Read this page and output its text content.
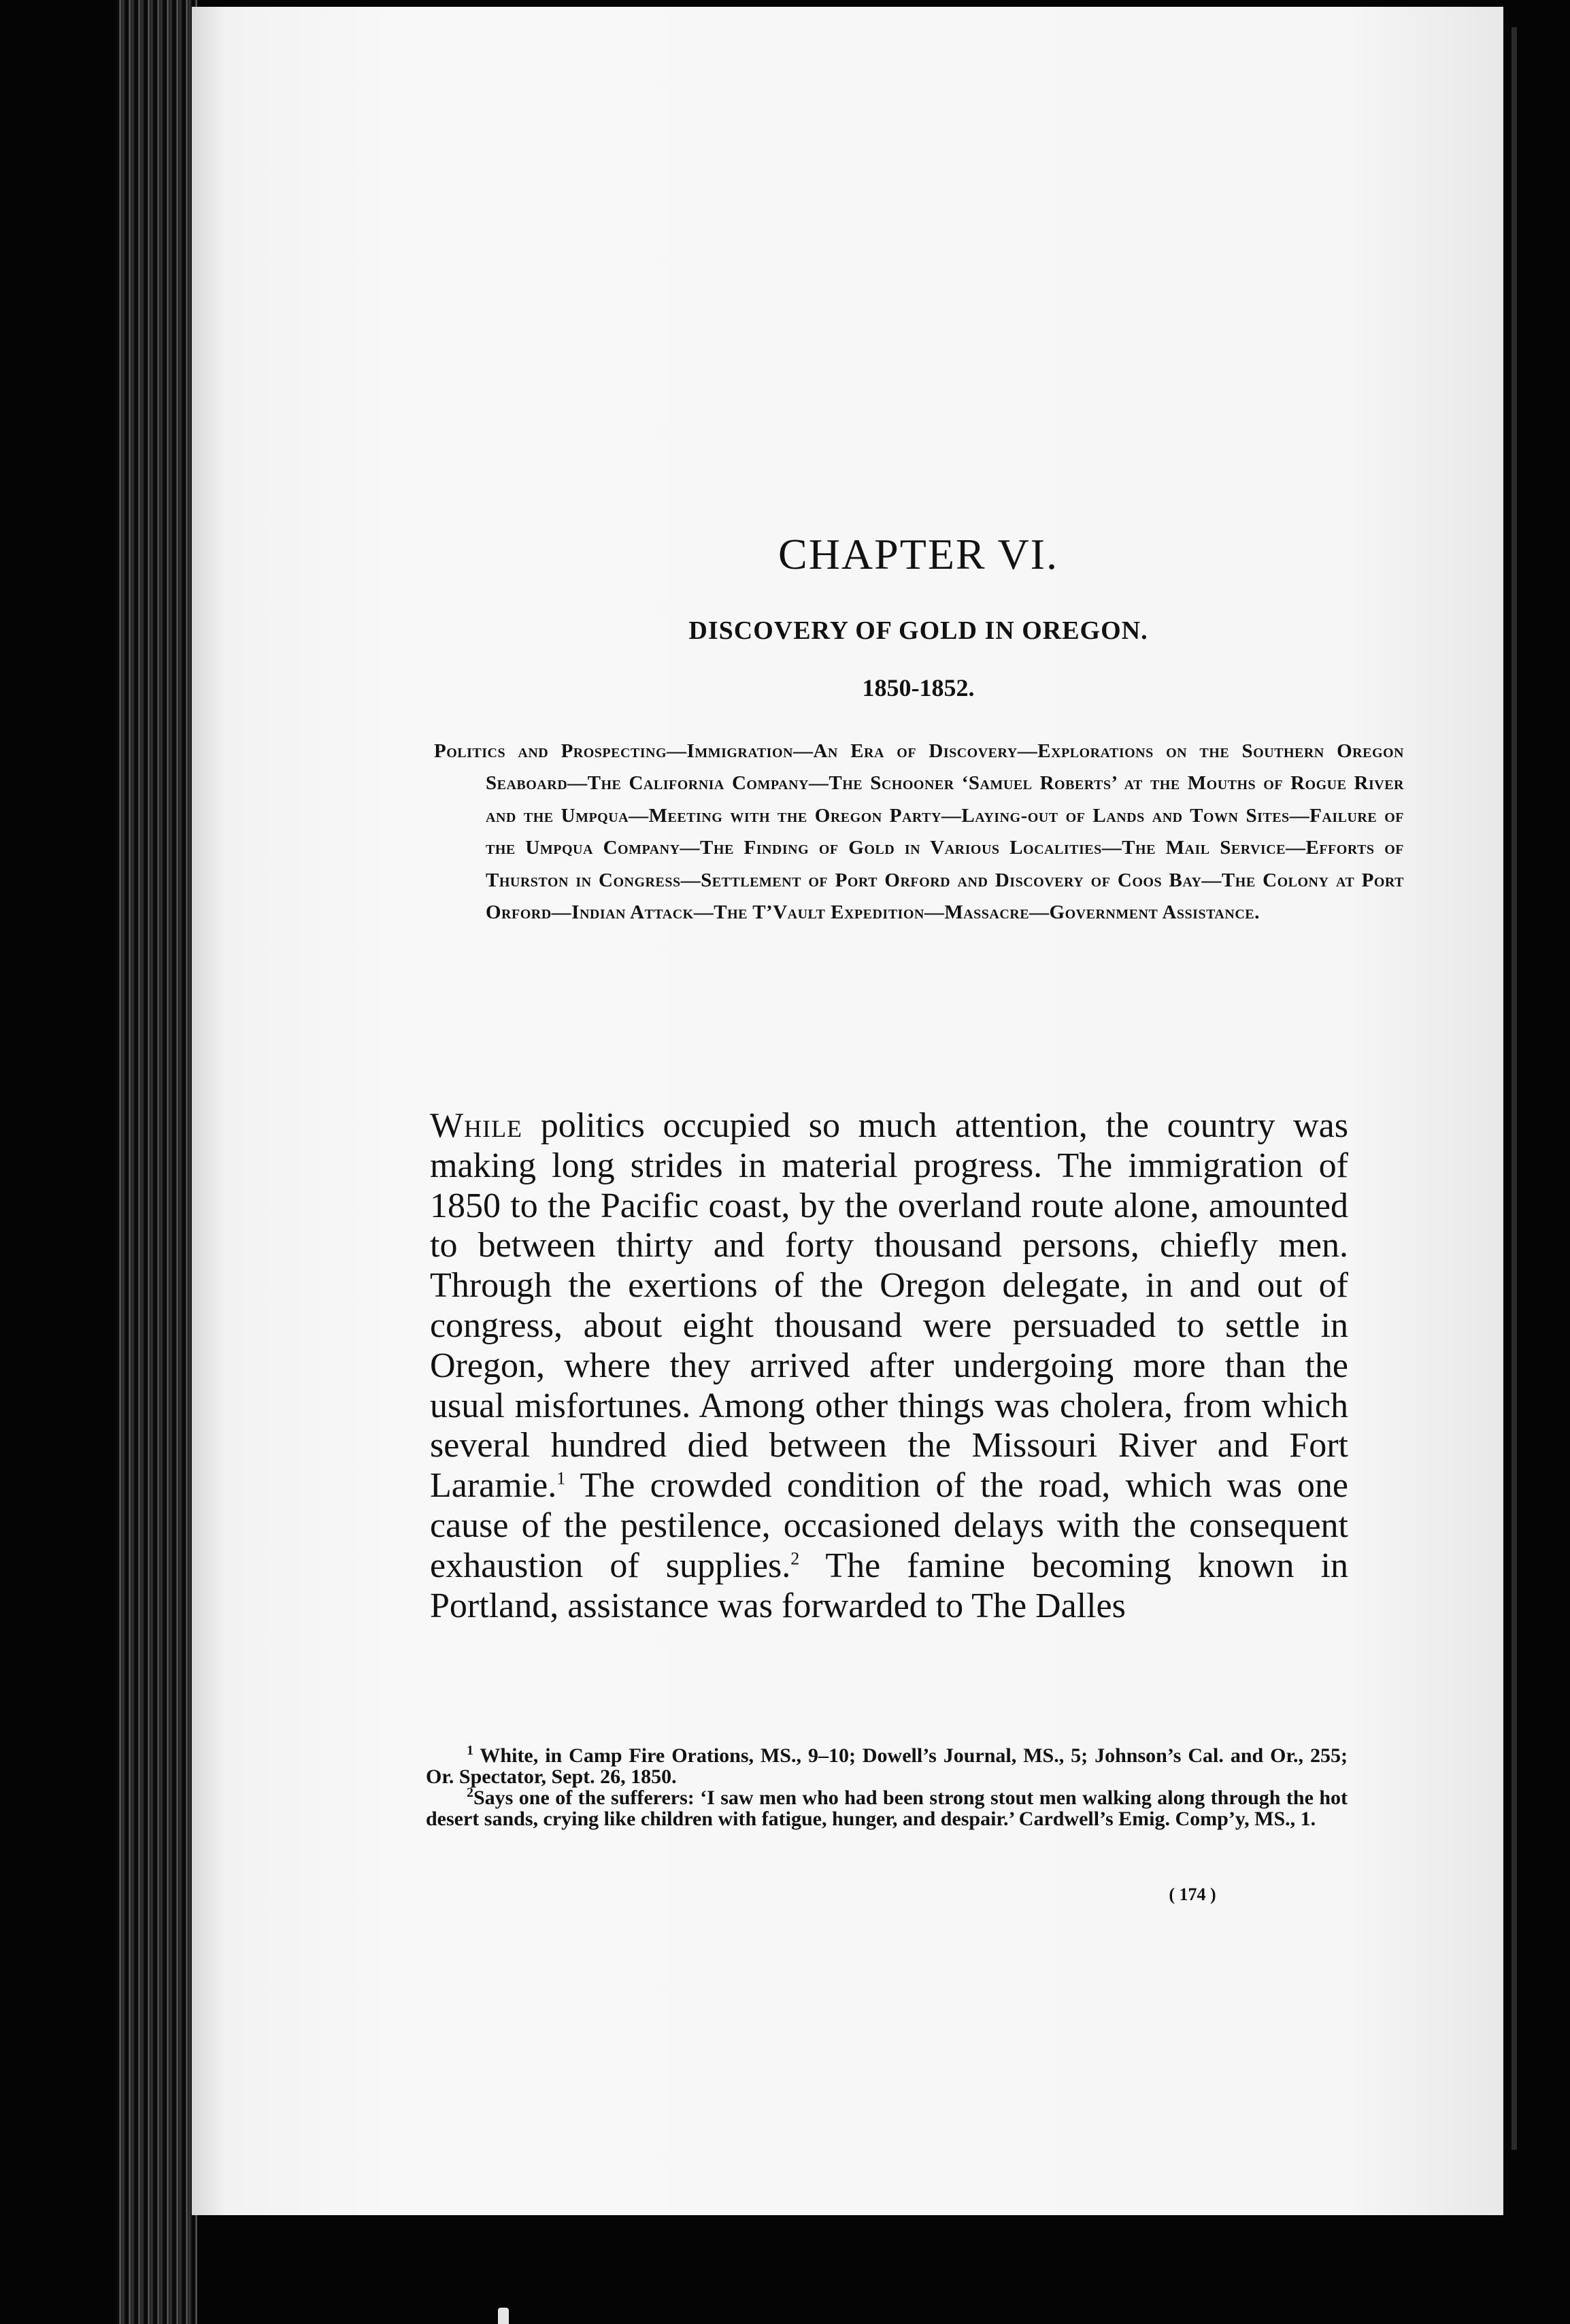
CHAPTER VI.
DISCOVERY OF GOLD IN OREGON.
1850-1852.

Politics and Prospecting—Immigration—An Era of Discovery—Explorations on the Southern Oregon Seaboard—The California Company—The Schooner ‘Samuel Roberts’ at the Mouths of Rogue River and the Umpqua—Meeting with the Oregon Party—Laying-out of Lands and Town Sites—Failure of the Umpqua Company—The Finding of Gold in Various Localities—The Mail Service—Efforts of Thurston in Congress—Settlement of Port Orford and Discovery of Coos Bay—The Colony at Port Orford—Indian Attack—The T’Vault Expedition—Massacre—Government Assistance.

While politics occupied so much attention, the country was making long strides in material progress. The immigration of 1850 to the Pacific coast, by the overland route alone, amounted to between thirty and forty thousand persons, chiefly men. Through the exertions of the Oregon delegate, in and out of congress, about eight thousand were persuaded to settle in Oregon, where they arrived after undergoing more than the usual misfortunes. Among other things was cholera, from which several hundred died between the Missouri River and Fort Laramie.$^1$ The crowded condition of the road, which was one cause of the pestilence, occasioned delays with the consequent exhaustion of supplies.$^2$ The famine becoming known in Portland, assistance was forwarded to The Dalles

$^1$ White, in Camp Fire Orations, MS., 9–10; Dowell’s Journal, MS., 5; Johnson’s Cal. and Or., 255; Or. Spectator, Sept. 26, 1850.

$^2$Says one of the sufferers: ‘I saw men who had been strong stout men walking along through the hot desert sands, crying like children with fatigue, hunger, and despair.’ Cardwell’s Emig. Comp’y, MS., 1.

( 174 )
